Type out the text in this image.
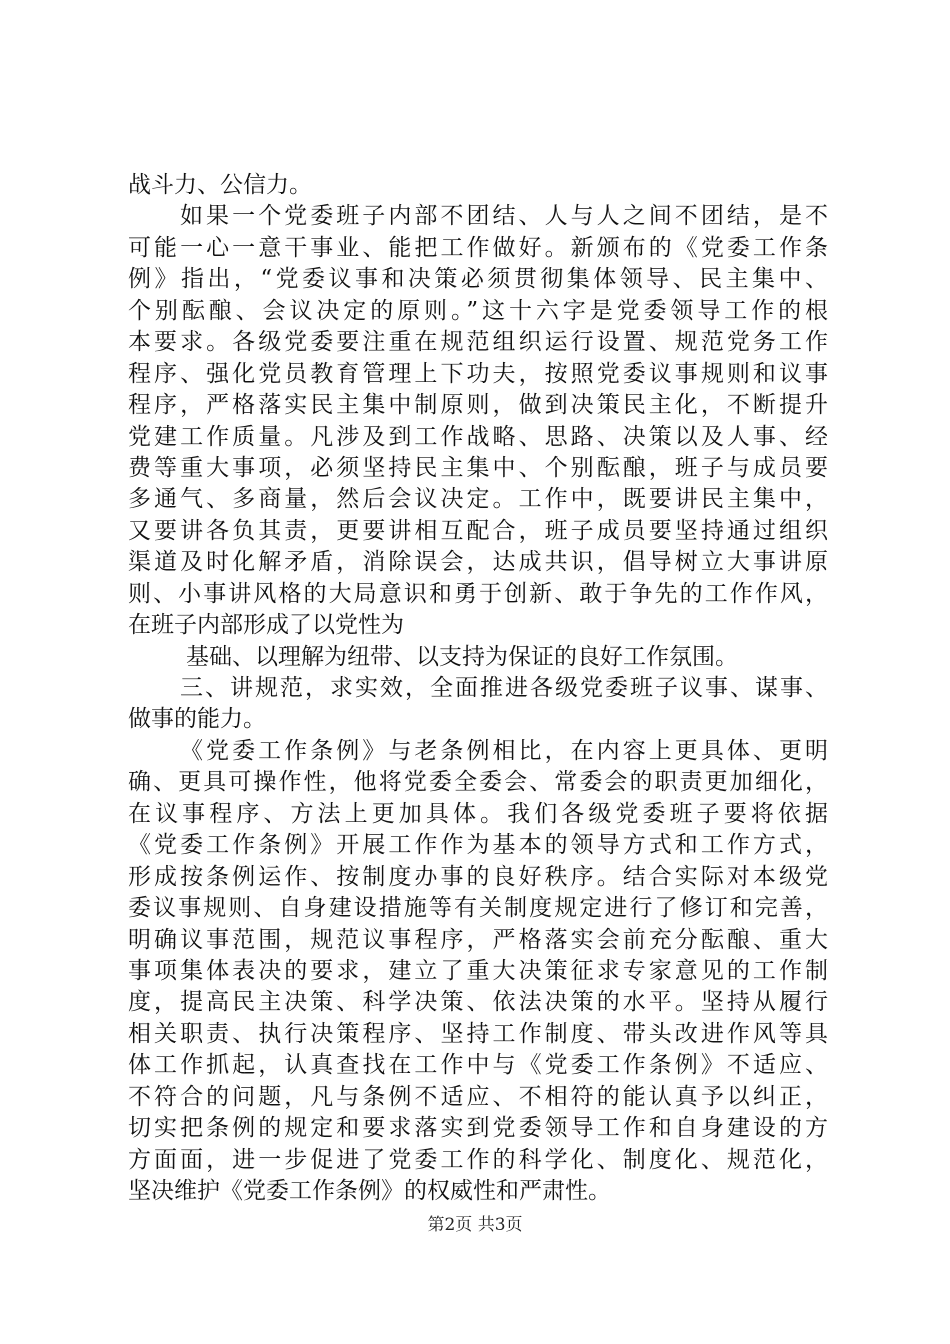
战斗力、公信力。
如果一个党委班子内部不团结、人与人之间不团结，是不
可能一心一意干事业、能把工作做好。新颁布的《党委工作条
例》指出，“党委议事和决策必须贯彻集体领导、民主集中、
个别酝酿、会议决定的原则。”这十六字是党委领导工作的根
本要求。各级党委要注重在规范组织运行设置、规范党务工作
程序、强化党员教育管理上下功夫，按照党委议事规则和议事
程序，严格落实民主集中制原则，做到决策民主化，不断提升
党建工作质量。凡涉及到工作战略、思路、决策以及人事、经
费等重大事项，必须坚持民主集中、个别酝酿，班子与成员要
多通气、多商量，然后会议决定。工作中，既要讲民主集中，
又要讲各负其责，更要讲相互配合，班子成员要坚持通过组织
渠道及时化解矛盾，消除误会，达成共识，倡导树立大事讲原
则、小事讲风格的大局意识和勇于创新、敢于争先的工作作风，
在班子内部形成了以党性为
基础、以理解为纽带、以支持为保证的良好工作氛围。
三、讲规范，求实效，全面推进各级党委班子议事、谋事、
做事的能力。
《党委工作条例》与老条例相比，在内容上更具体、更明
确、更具可操作性，他将党委全委会、常委会的职责更加细化，
在议事程序、方法上更加具体。我们各级党委班子要将依据
《党委工作条例》开展工作作为基本的领导方式和工作方式，
形成按条例运作、按制度办事的良好秩序。结合实际对本级党
委议事规则、自身建设措施等有关制度规定进行了修订和完善，
明确议事范围，规范议事程序，严格落实会前充分酝酿、重大
事项集体表决的要求，建立了重大决策征求专家意见的工作制
度，提高民主决策、科学决策、依法决策的水平。坚持从履行
相关职责、执行决策程序、坚持工作制度、带头改进作风等具
体工作抓起，认真查找在工作中与《党委工作条例》不适应、
不符合的问题，凡与条例不适应、不相符的能认真予以纠正，
切实把条例的规定和要求落实到党委领导工作和自身建设的方
方面面，进一步促进了党委工作的科学化、制度化、规范化，
坚决维护《党委工作条例》的权威性和严肃性。
第2页 共3页
